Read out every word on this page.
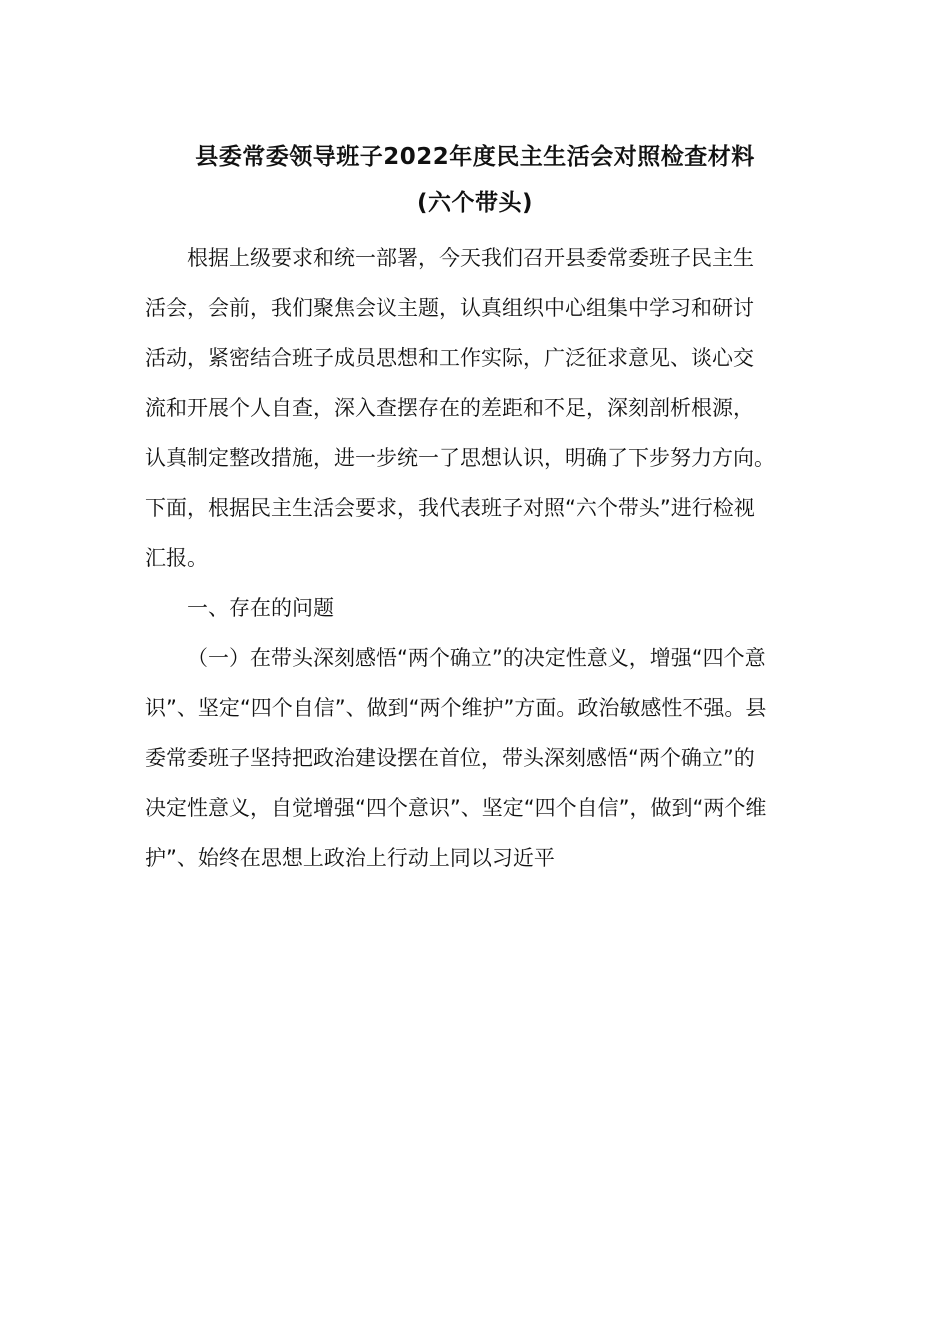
县委常委领导班子2022年度民主生活会对照检查材料
(六个带头)
根据上级要求和统一部署，今天我们召开县委常委班子民主生
活会，会前，我们聚焦会议主题，认真组织中心组集中学习和研讨
活动，紧密结合班子成员思想和工作实际，广泛征求意见、谈心交
流和开展个人自查，深入查摆存在的差距和不足，深刻剖析根源，
认真制定整改措施，进一步统一了思想认识，明确了下步努力方向。
下面，根据民主生活会要求，我代表班子对照“六个带头”进行检视
汇报。
一、存在的问题
（一）在带头深刻感悟“两个确立”的决定性意义，增强“四个意
识”、坚定“四个自信”、做到“两个维护”方面。政治敏感性不强。县
委常委班子坚持把政治建设摆在首位，带头深刻感悟“两个确立”的
决定性意义，自觉增强“四个意识”、坚定“四个自信”，做到“两个维
护”、始终在思想上政治上行动上同以习近平
